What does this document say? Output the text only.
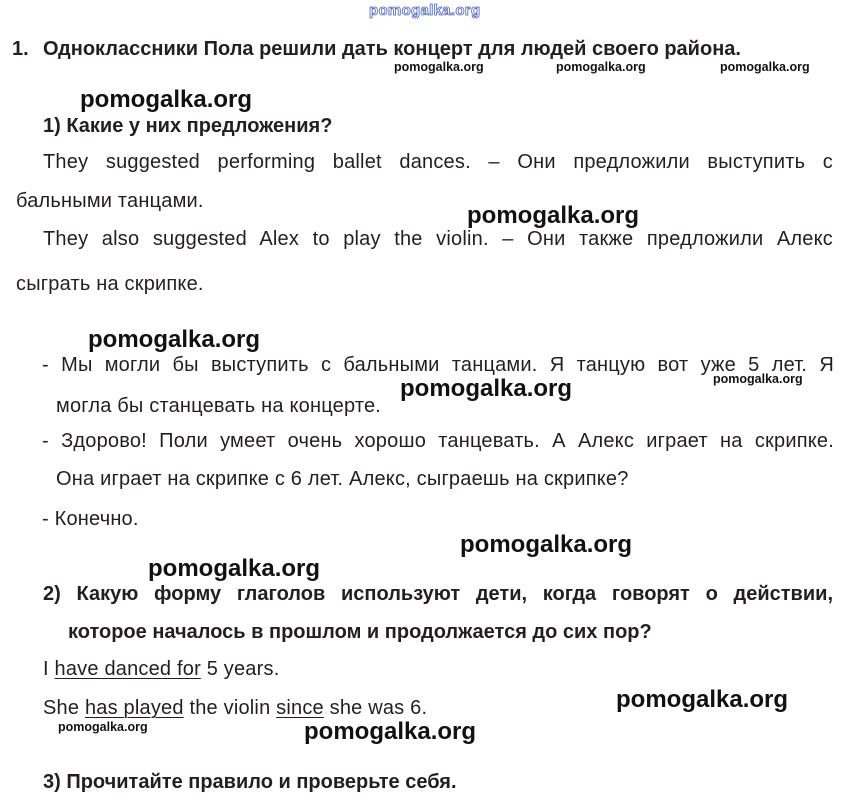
pomogalka.org
1. Одноклассники Пола решили дать концерт для людей своего района.
pomogalka.org	pomogalka.org	pomogalka.org
pomogalka.org
1) Какие у них предложения?
They suggested performing ballet dances. – Они предложили выступить с
бальными танцами.
pomogalka.org
They also suggested Alex to play the violin. – Они также предложили Алекс
сыграть на скрипке.
pomogalka.org
- Мы могли бы выступить с бальными танцами. Я танцую вот уже 5 лет. Я
pomogalka.org
pomogalka.org
могла бы станцевать на концерте.
- Здорово! Поли умеет очень хорошо танцевать. А Алекс играет на скрипке.
Она играет на скрипке с 6 лет. Алекс, сыграешь на скрипке?
- Конечно.
pomogalka.org
pomogalka.org
2) Какую форму глаголов используют дети, когда говорят о действии,
которое началось в прошлом и продолжается до сих пор?
I have danced for 5 years.
pomogalka.org
She has played the violin since she was 6.
pomogalka.org	pomogalka.org
3) Прочитайте правило и проверьте себя.
